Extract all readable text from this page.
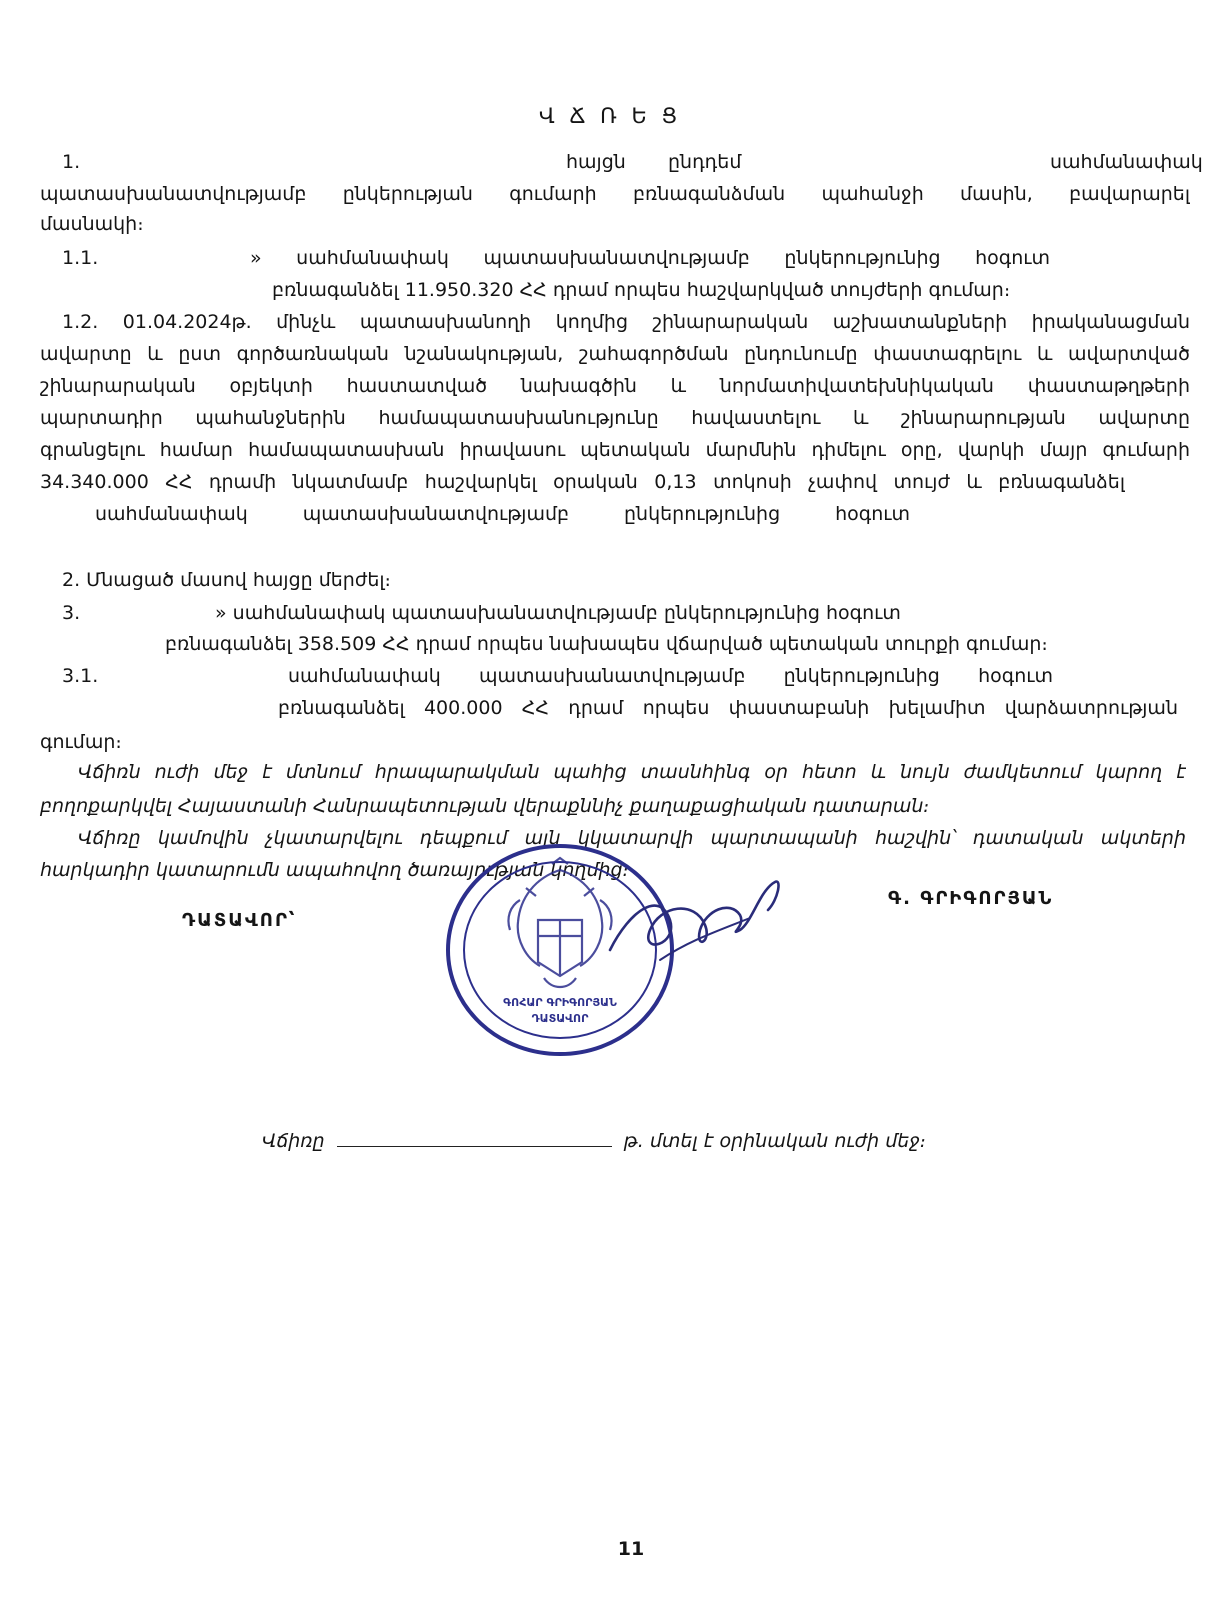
Վ Ճ Ռ Ե Ց
1.	հայցն ընդդեմ	սահմանափակ
պատասխանատվությամբ ընկերության գումարի բռնագանձման պահանջի մասին, բավարարել
մասնակի։
1.1.	» սահմանափակ պատասխանատվությամբ ընկերությունից հօգուտ
բռնագանձել 11.950.320 ՀՀ դրամ որպես հաշվարկված տույժերի գումար։
1.2. 01.04.2024թ. մինչև պատասխանողի կողմից շինարարական աշխատանքների իրականացման
ավարտը և ըստ գործառնական նշանակության, շահագործման ընդունումը փաստագրելու և ավարտված
շինարարական օբյեկտի հաստատված նախագծին և նորմատիվատեխնիկական փաստաթղթերի
պարտադիր պահանջներին համապատասխանությունը հավաստելու և շինարարության ավարտը
գրանցելու համար համապատասխան իրավասու պետական մարմնին դիմելու օրը, վարկի մայր գումարի
34.340.000 ՀՀ դրամի նկատմամբ հաշվարկել օրական 0,13 տոկոսի չափով տույժ և բռնագանձել
սահմանափակ պատասխանատվությամբ ընկերությունից հօգուտ
2. Մնացած մասով հայցը մերժել։
3.	» սահմանափակ պատասխանատվությամբ ընկերությունից հօգուտ
բռնագանձել 358.509 ՀՀ դրամ որպես նախապես վճարված պետական տուրքի գումար։
3.1.	սահմանափակ պատասխանատվությամբ ընկերությունից հօգուտ
բռնագանձել 400.000 ՀՀ դրամ որպես փաստաբանի խելամիտ վարձատրության
գումար։
Վճիռն ուժի մեջ է մտնում հրապարակման պահից տասնհինգ օր հետո և նույն ժամկետում կարող է
բողոքարկվել Հայաստանի Հանրապետության վերաքննիչ քաղաքացիական դատարան։
Վճիռը կամովին չկատարվելու դեպքում այն կկատարվի պարտապանի հաշվին՝ դատական ակտերի
հարկադիր կատարումն ապահովող ծառայության կողմից։
ԴԱՏԱՎՈՐ՝
Գ. ԳՐԻԳՈՐՅԱՆ
ԳՈՀԱՐ ԳՐԻԳՈՐՅԱՆ
ԴԱՏԱՎՈՐ
Վճիռը	թ. մտել է օրինական ուժի մեջ։
11
